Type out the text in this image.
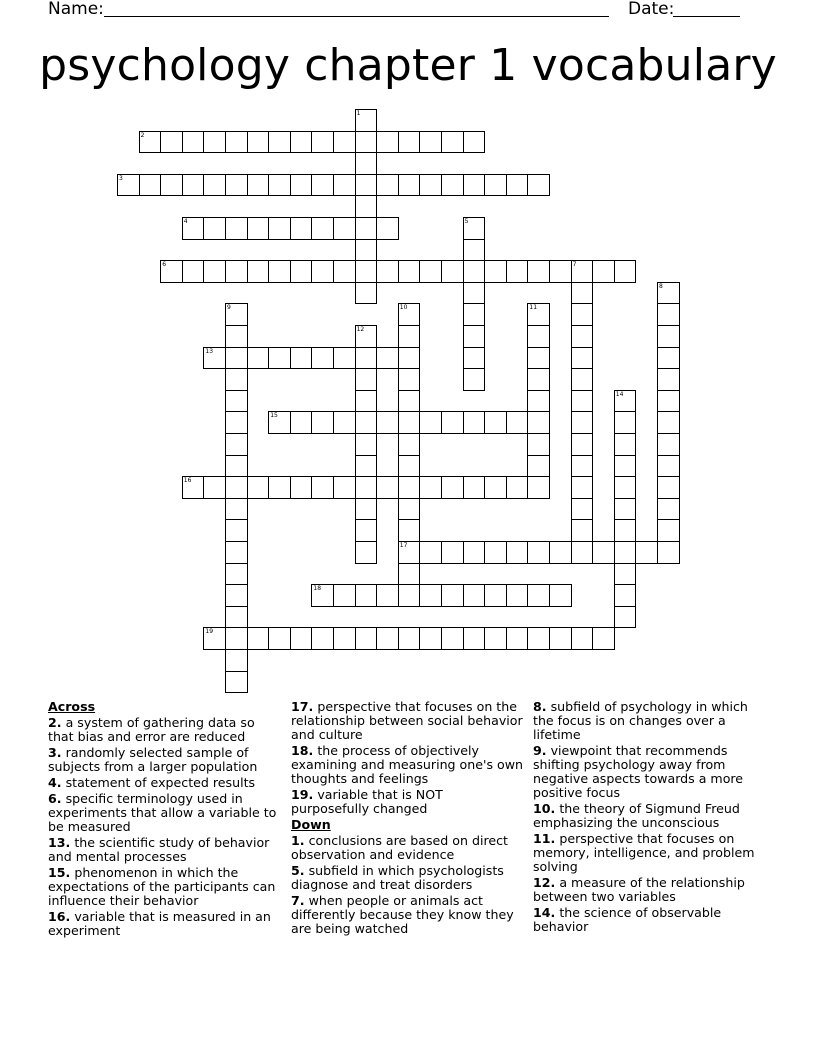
Name:	Date:
psychology chapter 1 vocabulary
2
3
4
6	7
13
15
16
17
18
19
1
5
8
9	10	11
12
14
Across
2. a system of gathering data so that bias and error are reduced
3. randomly selected sample of subjects from a larger population
4. statement of expected results
6. specific terminology used in experiments that allow a variable to be measured
13. the scientific study of behavior and mental processes
15. phenomenon in which the expectations of the participants can influence their behavior
16. variable that is measured in an experiment
17. perspective that focuses on the relationship between social behavior and culture
18. the process of objectively examining and measuring one's own thoughts and feelings
19. variable that is NOT purposefully changed
Down
1. conclusions are based on direct observation and evidence
5. subfield in which psychologists diagnose and treat disorders
7. when people or animals act differently because they know they are being watched
8. subfield of psychology in which the focus is on changes over a lifetime
9. viewpoint that recommends shifting psychology away from negative aspects towards a more positive focus
10. the theory of Sigmund Freud emphasizing the unconscious
11. perspective that focuses on memory, intelligence, and problem solving
12. a measure of the relationship between two variables
14. the science of observable behavior
